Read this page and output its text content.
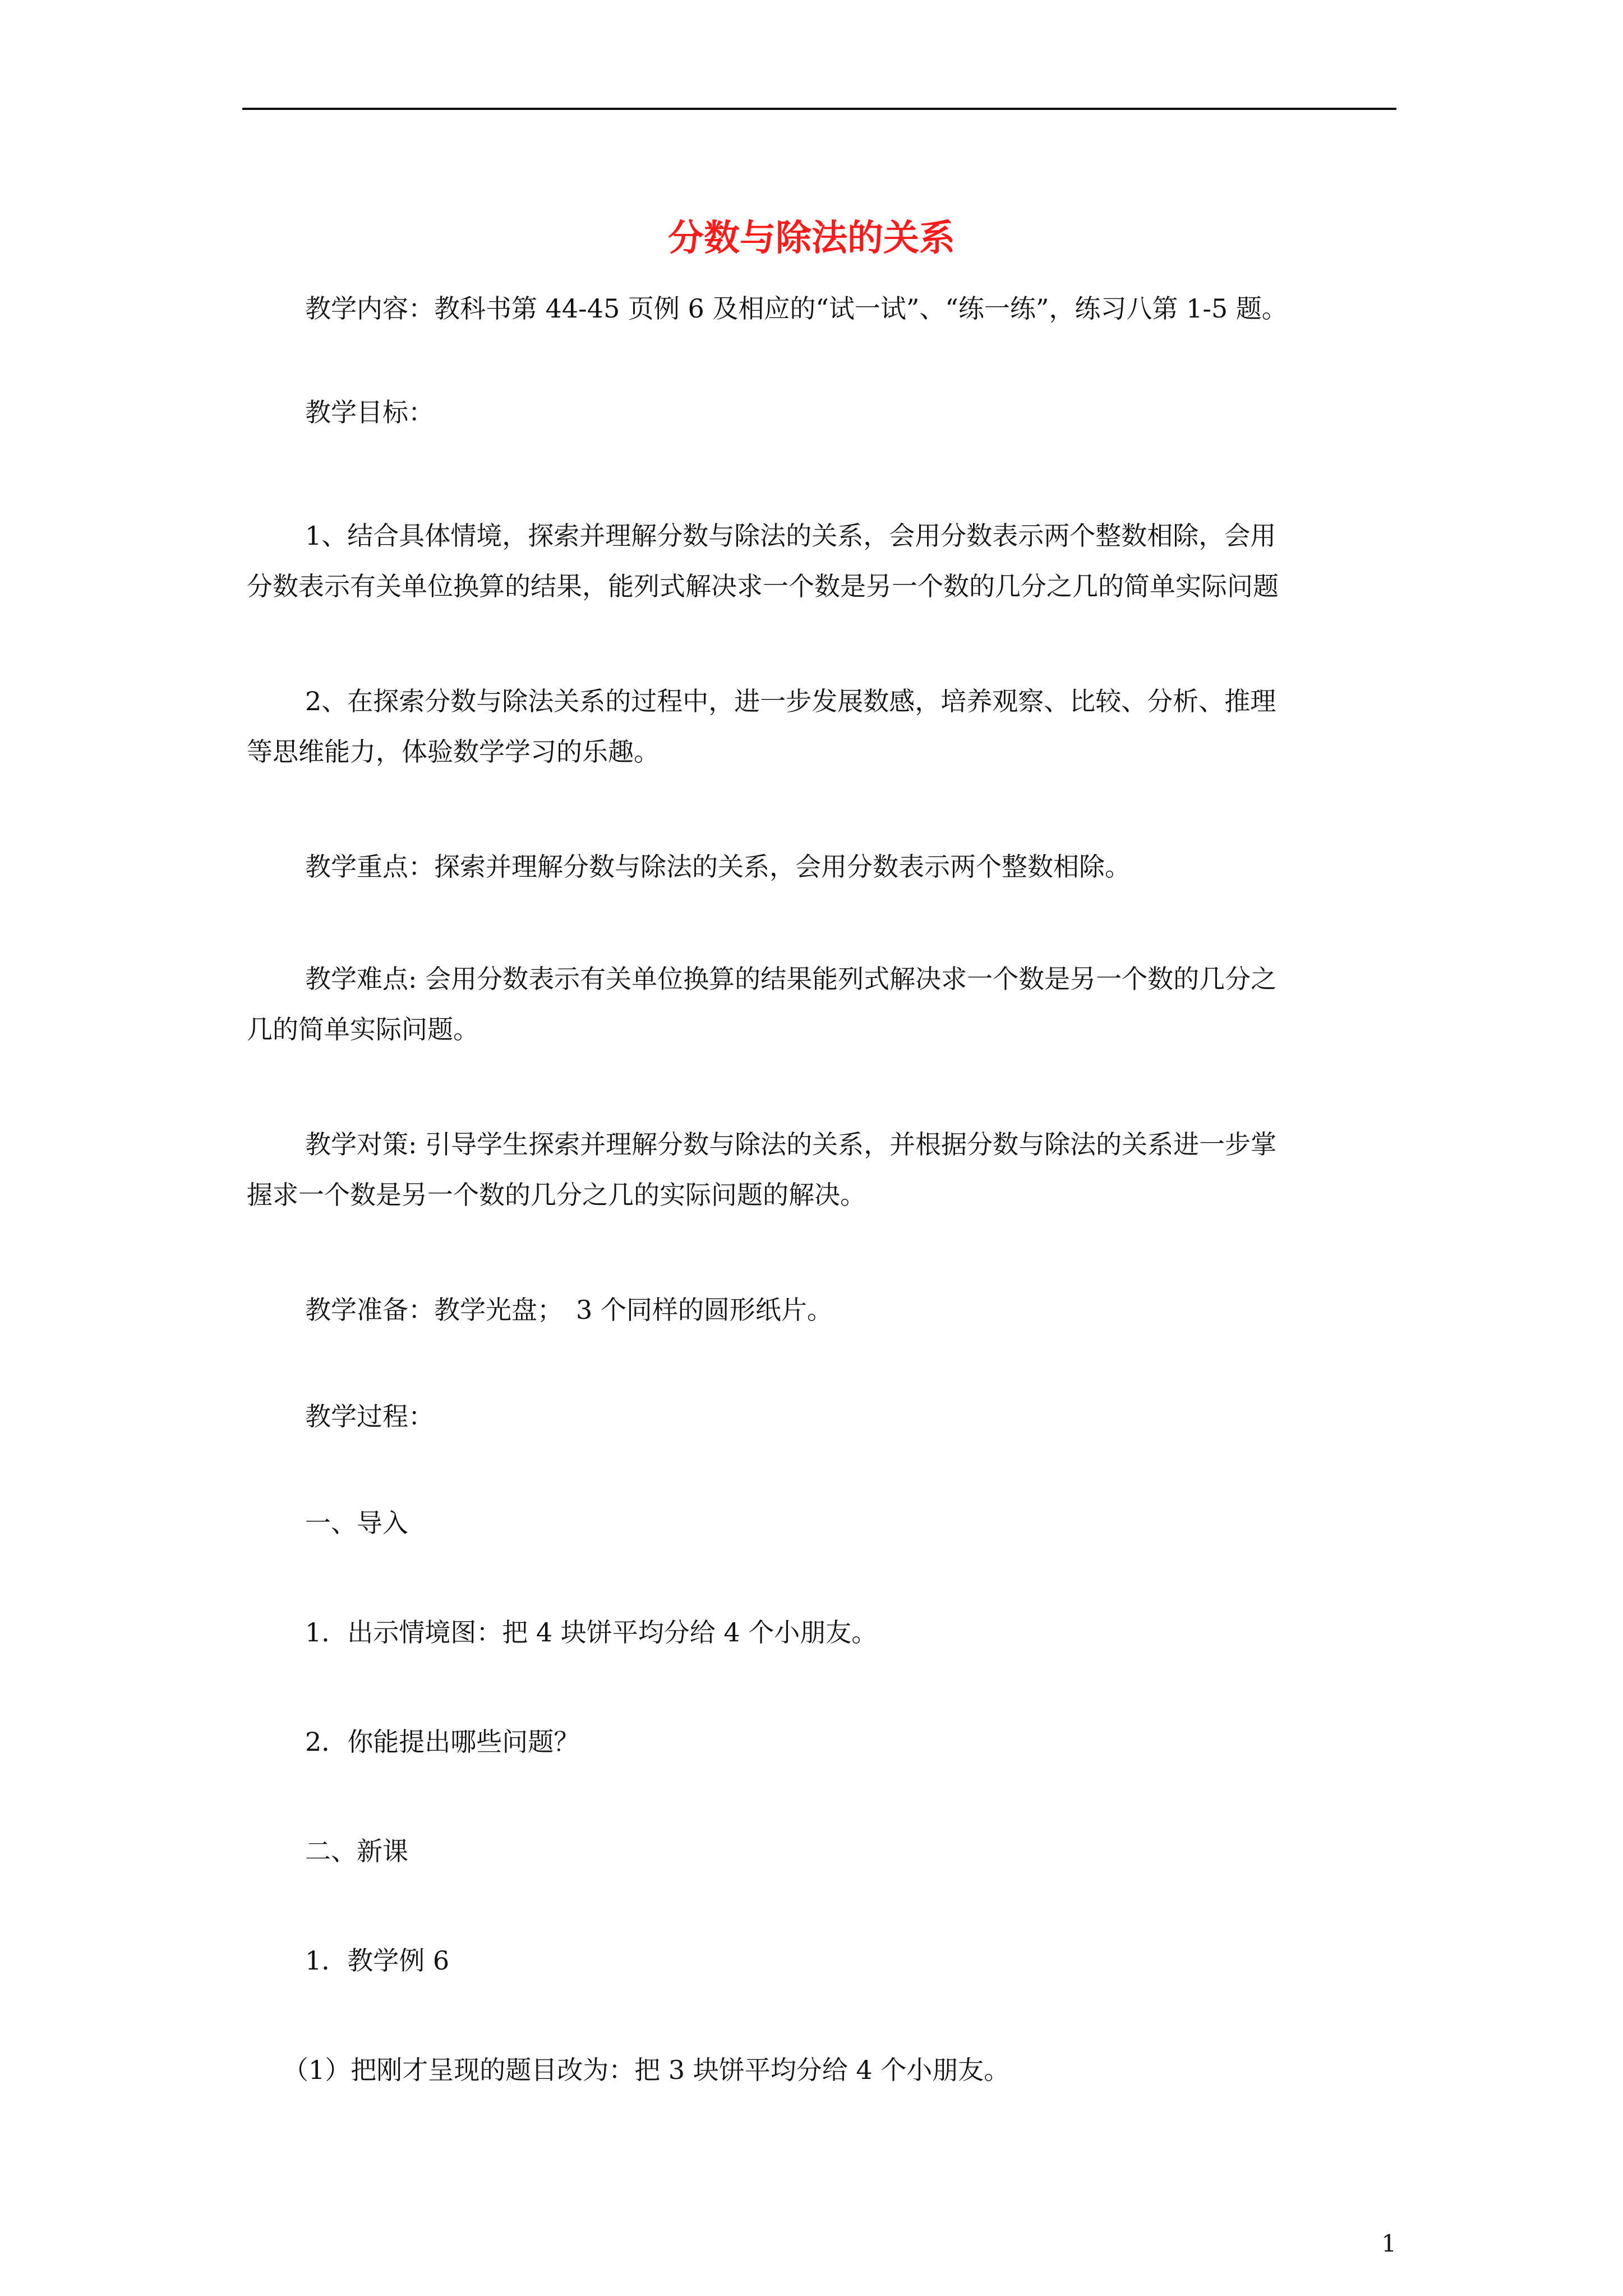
分数与除法的关系

教学内容：教科书第 44-45 页例 6 及相应的“试一试”、“练一练”，练习八第 1-5 题。

教学目标：

1、结合具体情境，探索并理解分数与除法的关系，会用分数表示两个整数相除，会用
分数表示有关单位换算的结果，能列式解决求一个数是另一个数的几分之几的简单实际问题

2、在探索分数与除法关系的过程中，进一步发展数感，培养观察、比较、分析、推理
等思维能力，体验数学学习的乐趣。

教学重点：探索并理解分数与除法的关系，会用分数表示两个整数相除。

教学难点: 会用分数表示有关单位换算的结果能列式解决求一个数是另一个数的几分之
几的简单实际问题。

教学对策: 引导学生探索并理解分数与除法的关系，并根据分数与除法的关系进一步掌
握求一个数是另一个数的几分之几的实际问题的解决。

教学准备：教学光盘；　3 个同样的圆形纸片。

教学过程：

一、导入

1．出示情境图：把 4 块饼平均分给 4 个小朋友。

2．你能提出哪些问题？

二、新课

1．教学例 6

（1）把刚才呈现的题目改为：把 3 块饼平均分给 4 个小朋友。

1
